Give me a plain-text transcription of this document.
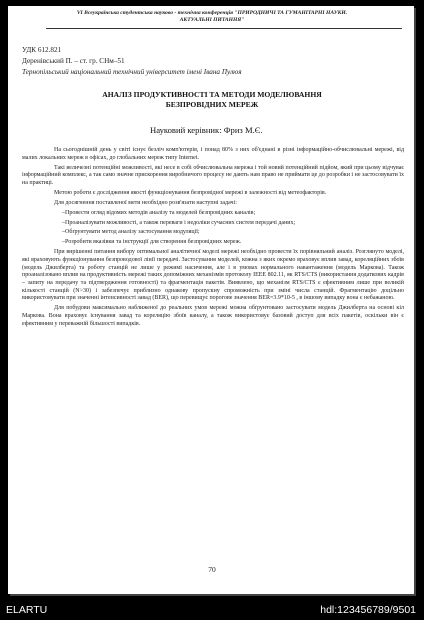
VI Всеукраїнська студентська науково - технічна конференція "ПРИРОДНИЧІ ТА ГУМАНІТАРНІ НАУКИ.
АКТУАЛЬНІ ПИТАННЯ"
УДК 612.821
Деренівський П. – ст. гр. СНм–51
Тернопільський національний технічний університет імені Івана Пулюя
АНАЛІЗ ПРОДУКТИВНОСТІ ТА МЕТОДИ МОДЕЛЮВАННЯ
БЕЗПРОВІДНИХ МЕРЕЖ
Науковий керівник: Фриз М.Є.

На сьогоднішній день у світі існує безліч комп'ютерів, і понад 80% з них об'єднані в різні інформаційно-обчислювальні мережі, від малих локальних мереж в офісах, до глобальних мереж типу Internet.

Такі величезні потенційні можливості, які несе в собі обчислювальна мережа і той новий потенційний підйом, який при цьому відчуває інформаційний комплекс, а так само значне прискорення виробничого процесу не дають нам право не приймати це до розробки і не застосовувати їх на практиці.

Метою роботи є дослідження якості функціонування безпровідної мережі в залежності від метеофакторів.

Для досягнення поставленої мети необхідно розв'язати наступні задачі:

–Провести огляд відомих методів аналізу та моделей безпровідних каналів;

–Проаналізувати можливості, а також переваги і недоліки сучасних систем передачі даних;

–Обґрунтувати метод аналізу застосування модуляції;

–Розробити вказівки та інструкції для створення безпровідних мереж.

При вирішенні питання вибору оптимальної аналітичної моделі мережі необхідно провести їх порівняльний аналіз. Розглянуто моделі, які враховують функціонування безпроводової лінії передачі. Застосування моделей, кожна з яких окремо враховує вплив завад, кореляційних збоїв (модель Джилберта) та роботу станцій не лише у режимі насичення, але і в умовах нормального навантаження (модель Маркова). Також проаналізовано вплив на продуктивність мережі таких допоміжних механізмів протоколу IEEE 802.11, як RTS/CTS (використання додаткових кадрів – запиту на передачу та підтвердження готовності) та фрагментація пакетів. Виявлено, що механізм RTS/CTS є ефективним лише при великій кількості станцій (N>30) і забезпечує приблизно однакову пропускну спроможність при зміні числа станцій. Фрагментацію доцільно використовувати при значенні інтенсивності завад (BER), що перевищує порогове значення BER=3.9*10-5 , в іншому випадку вона є небажаною.

Для побудови максимально наближеної до реальних умов мережі можна обґрунтовано застосувати модель Джилберта на основі кіл Маркова. Вона враховує існування завад та кореляцію збоїв каналу, а також використовує базовий доступ для всіх пакетів, оскільки він є ефективним у переважній більшості випадків.

70
ELARTU	hdl:123456789/9501
